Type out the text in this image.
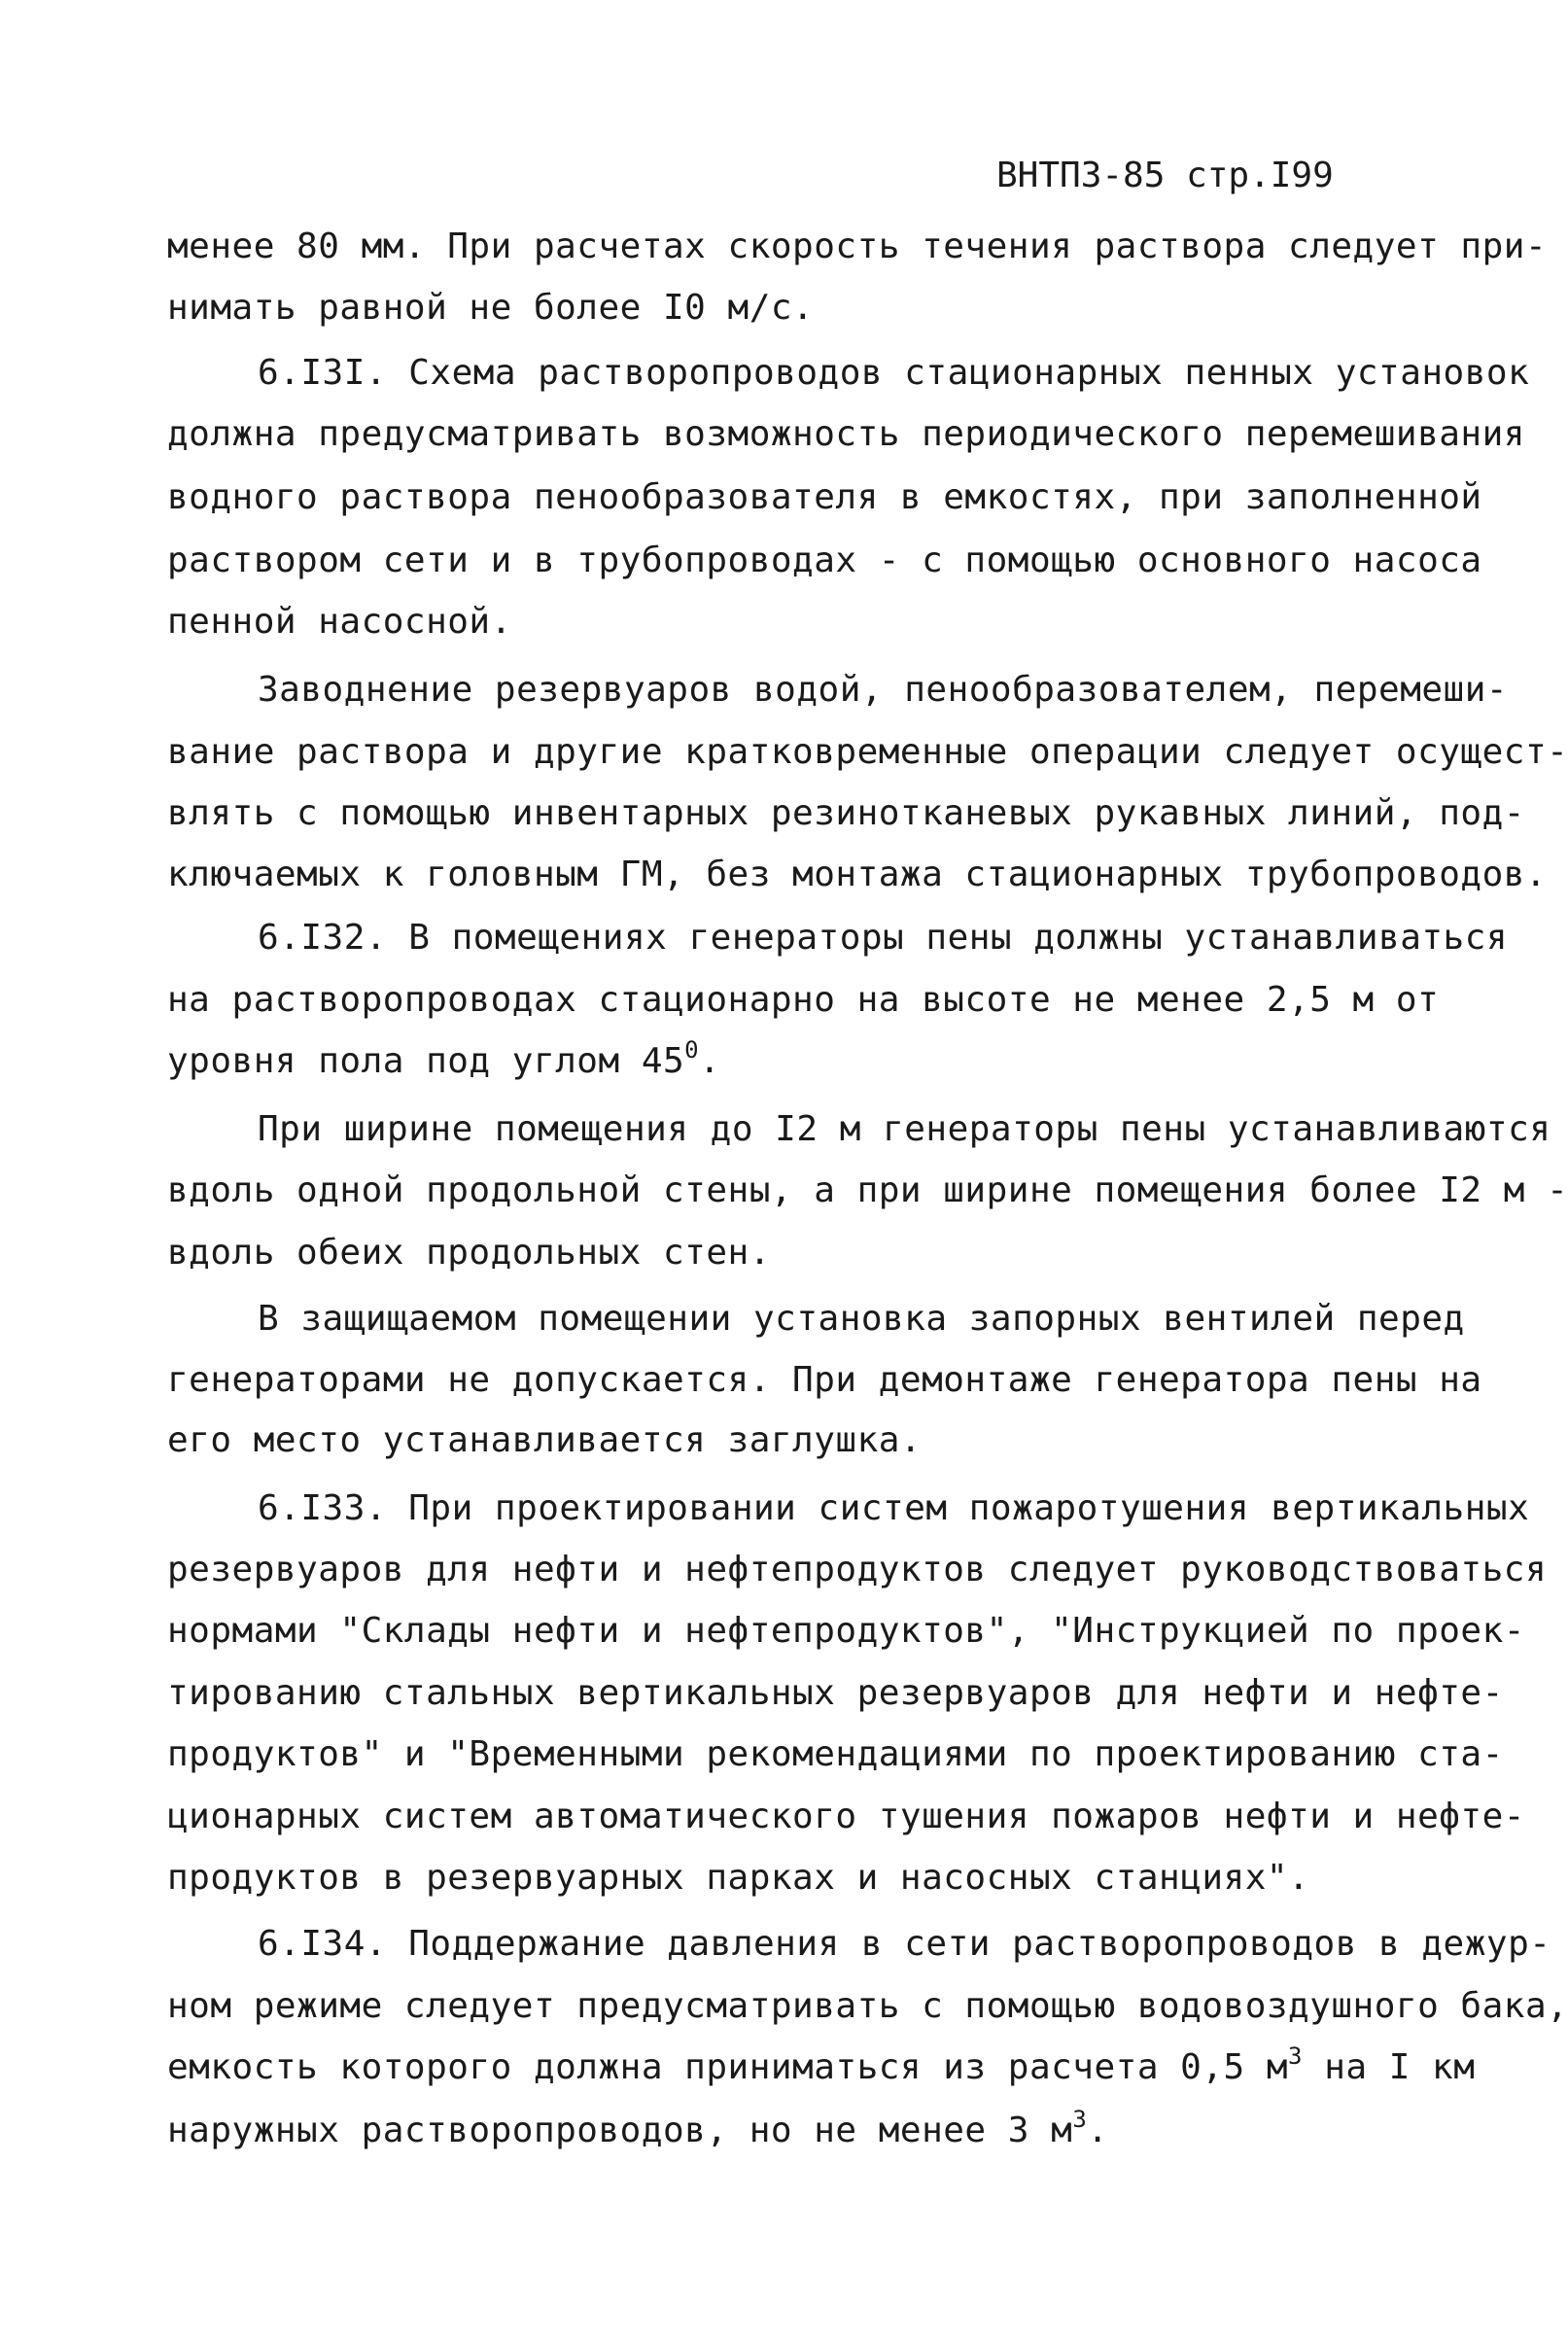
ВНТПЗ-85 стр.I99
менее 80 мм. При расчетах скорость течения раствора следует при-
нимать равной не более I0 м/с.
6.I3I. Схема растворопроводов стационарных пенных установок
должна предусматривать возможность периодического перемешивания
водного раствора пенообразователя в емкостях, при заполненной
раствором сети и в трубопроводах - с помощью основного насоса
пенной насосной.
Заводнение резервуаров водой, пенообразователем, перемеши-
вание раствора и другие кратковременные операции следует осущест-
влять с помощью инвентарных резинотканевых рукавных линий, под-
ключаемых к головным ГМ, без монтажа стационарных трубопроводов.
6.I32. В помещениях генераторы пены должны устанавливаться
на растворопроводах стационарно на высоте не менее 2,5 м от
уровня пола под углом $45^0$.
При ширине помещения до I2 м генераторы пены устанавливаются
вдоль одной продольной стены, а при ширине помещения более I2 м -
вдоль обеих продольных стен.
В защищаемом помещении установка запорных вентилей перед
генераторами не допускается. При демонтаже генератора пены на
его место устанавливается заглушка.
6.I33. При проектировании систем пожаротушения вертикальных
резервуаров для нефти и нефтепродуктов следует руководствоваться
нормами "Склады нефти и нефтепродуктов", "Инструкцией по проек-
тированию стальных вертикальных резервуаров для нефти и нефте-
продуктов" и "Временными рекомендациями по проектированию ста-
ционарных систем автоматического тушения пожаров нефти и нефте-
продуктов в резервуарных парках и насосных станциях".
6.I34. Поддержание давления в сети растворопроводов в дежур-
ном режиме следует предусматривать с помощью водовоздушного бака,
емкость которого должна приниматься из расчета 0,5 $м^3$ на I км
наружных растворопроводов, но не менее 3 $м^3$.
